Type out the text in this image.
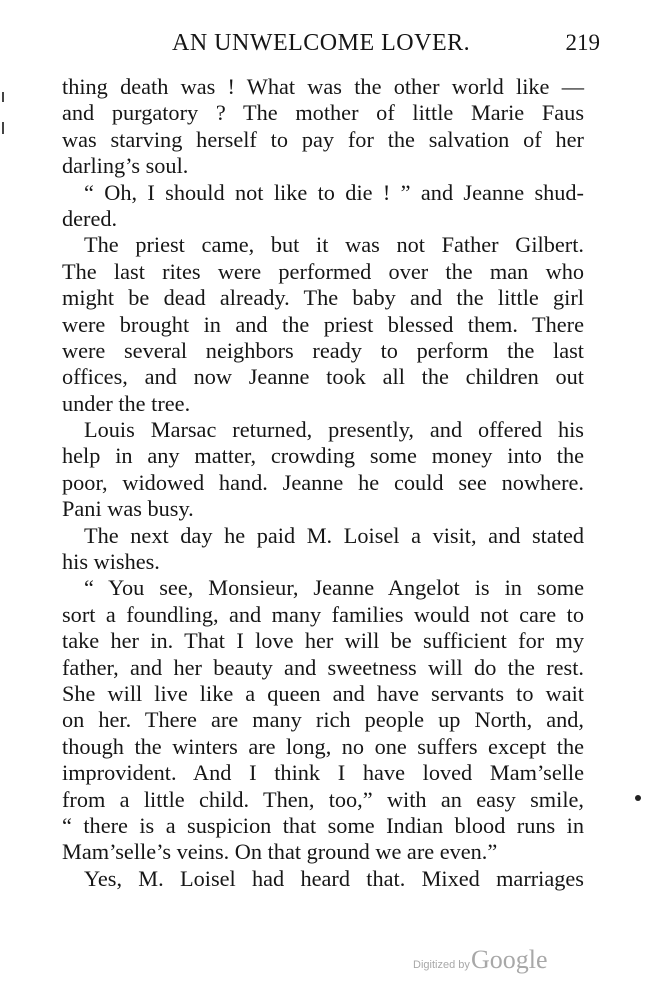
AN UNWELCOME LOVER.	219
thing death was ! What was the other world like —
and purgatory ? The mother of little Marie Faus
was starving herself to pay for the salvation of her
darling’s soul.
“ Oh, I should not like to die ! ” and Jeanne shud-
dered.
The priest came, but it was not Father Gilbert.
The last rites were performed over the man who
might be dead already. The baby and the little girl
were brought in and the priest blessed them. There
were several neighbors ready to perform the last
offices, and now Jeanne took all the children out
under the tree.
Louis Marsac returned, presently, and offered his
help in any matter, crowding some money into the
poor, widowed hand. Jeanne he could see nowhere.
Pani was busy.
The next day he paid M. Loisel a visit, and stated
his wishes.
“ You see, Monsieur, Jeanne Angelot is in some
sort a foundling, and many families would not care to
take her in. That I love her will be sufficient for my
father, and her beauty and sweetness will do the rest.
She will live like a queen and have servants to wait
on her. There are many rich people up North, and,
though the winters are long, no one suffers except the
improvident. And I think I have loved Mam’selle
from a little child. Then, too,” with an easy smile,
“ there is a suspicion that some Indian blood runs in
Mam’selle’s veins. On that ground we are even.”
Yes, M. Loisel had heard that. Mixed marriages
Digitized by Google
